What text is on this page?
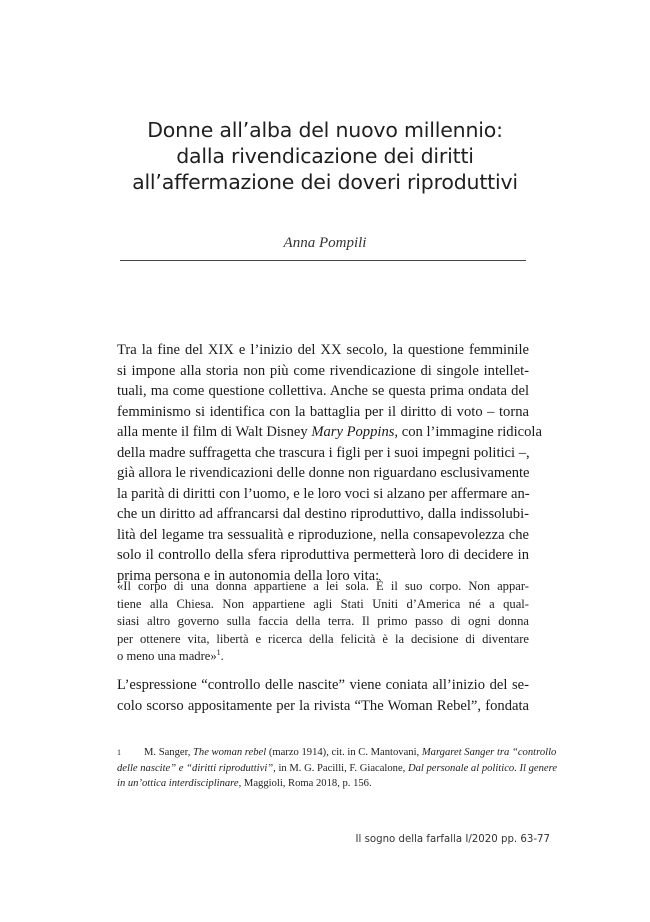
Donne all’alba del nuovo millennio:
dalla rivendicazione dei diritti
all’affermazione dei doveri riproduttivi
Anna Pompili
Tra la fine del XIX e l’inizio del XX secolo, la questione femminile
si impone alla storia non più come rivendicazione di singole intellet-
tuali, ma come questione collettiva. Anche se questa prima ondata del
femminismo si identifica con la battaglia per il diritto di voto – torna
alla mente il film di Walt Disney Mary Poppins, con l’immagine ridicola
della madre suffragetta che trascura i figli per i suoi impegni politici –,
già allora le rivendicazioni delle donne non riguardano esclusivamente
la parità di diritti con l’uomo, e le loro voci si alzano per affermare an-
che un diritto ad affrancarsi dal destino riproduttivo, dalla indissolubi-
lità del legame tra sessualità e riproduzione, nella consapevolezza che
solo il controllo della sfera riproduttiva permetterà loro di decidere in
prima persona e in autonomia della loro vita:
«Il corpo di una donna appartiene a lei sola. È il suo corpo. Non appar-
tiene alla Chiesa. Non appartiene agli Stati Uniti d’America né a qual-
siasi altro governo sulla faccia della terra. Il primo passo di ogni donna
per ottenere vita, libertà e ricerca della felicità è la decisione di diventare
o meno una madre»$^1$.
L’espressione “controllo delle nascite” viene coniata all’inizio del se-
colo scorso appositamente per la rivista “The Woman Rebel”, fondata
1 M. Sanger, The woman rebel (marzo 1914), cit. in C. Mantovani, Margaret Sanger tra “controllo
delle nascite” e “diritti riproduttivi”, in M. G. Pacilli, F. Giacalone, Dal personale al politico. Il genere
in un’ottica interdisciplinare, Maggioli, Roma 2018, p. 156.
Il sogno della farfalla I/2020 pp. 63-77
